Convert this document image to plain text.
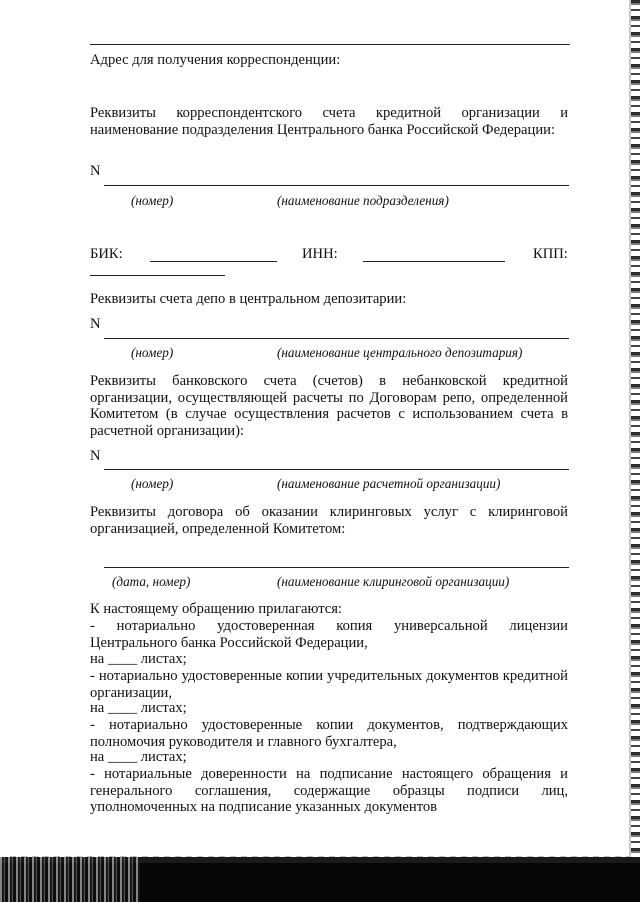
Адрес для получения корреспонденции:

Реквизиты корреспондентского счета кредитной организации и наименование подразделения Центрального банка Российской Федерации:

N
(номер)	(наименование подразделения)
БИК:	ИНН:	КПП:

Реквизиты счета депо в центральном депозитарии:

N
(номер)	(наименование центрального депозитария)

Реквизиты банковского счета (счетов) в небанковской кредитной организации, осуществляющей расчеты по Договорам репо, определенной Комитетом (в случае осуществления расчетов с использованием счета в расчетной организации):

N
(номер)	(наименование расчетной организации)

Реквизиты договора об оказании клиринговых услуг с клиринговой организацией, определенной Комитетом:

(дата, номер)	(наименование клиринговой организации)

К настоящему обращению прилагаются:

- нотариально удостоверенная копия универсальной лицензии Центрального банка Российской Федерации,

на ____ листах;

- нотариально удостоверенные копии учредительных документов кредитной организации,

на ____ листах;

- нотариально удостоверенные копии документов, подтверждающих полномочия руководителя и главного бухгалтера,

на ____ листах;

- нотариальные доверенности на подписание настоящего обращения и генерального соглашения, содержащие образцы подписи лиц, уполномоченных на подписание указанных документов
